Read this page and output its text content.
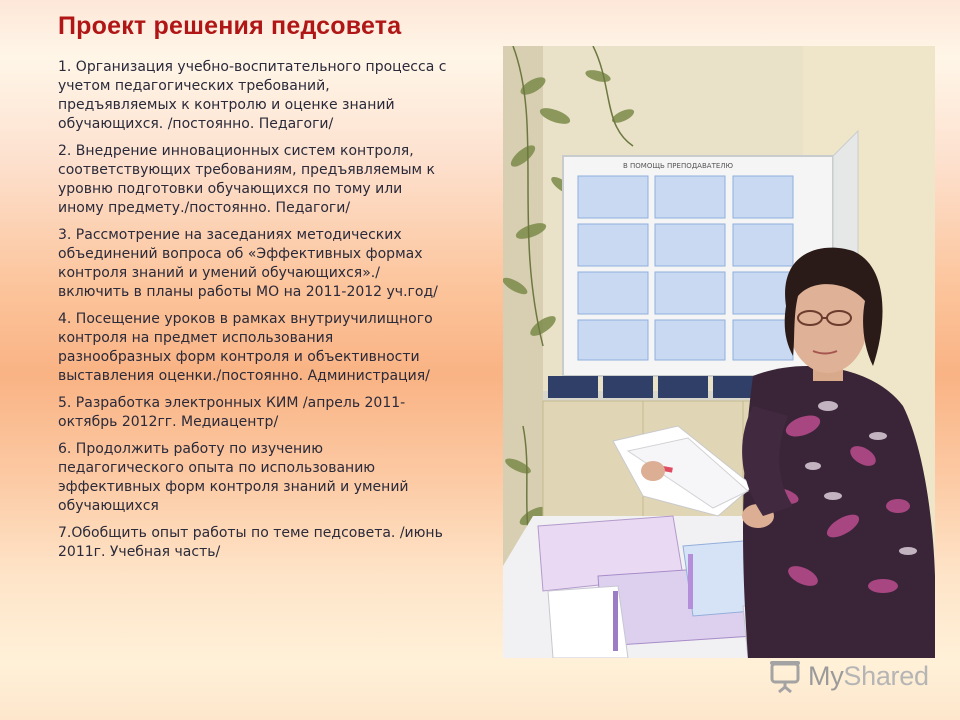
Проект решения педсовета
1. Организация учебно-воспитательного процесса с учетом педагогических требований, предъявляемых к контролю и оценке знаний обучающихся. /постоянно. Педагоги/
2. Внедрение инновационных систем контроля, соответствующих требованиям, предъявляемым к уровню подготовки обучающихся по тому или иному предмету./постоянно. Педагоги/
3. Рассмотрение на заседаниях методических объединений вопроса об «Эффективных формах контроля знаний и умений обучающихся»./ включить в планы работы МО на 2011-2012 уч.год/
4. Посещение уроков в рамках внутриучилищного контроля на предмет использования разнообразных форм контроля и объективности выставления оценки./постоянно. Администрация/
5. Разработка электронных КИМ /апрель 2011-октябрь 2012гг. Медиацентр/
6. Продолжить работу по изучению педагогического опыта по использованию эффективных форм контроля знаний и умений обучающихся
7.Обобщить опыт работы по теме педсовета. /июнь 2011г. Учебная часть/
В ПОМОЩЬ ПРЕПОДАВАТЕЛЮ
MyShared
